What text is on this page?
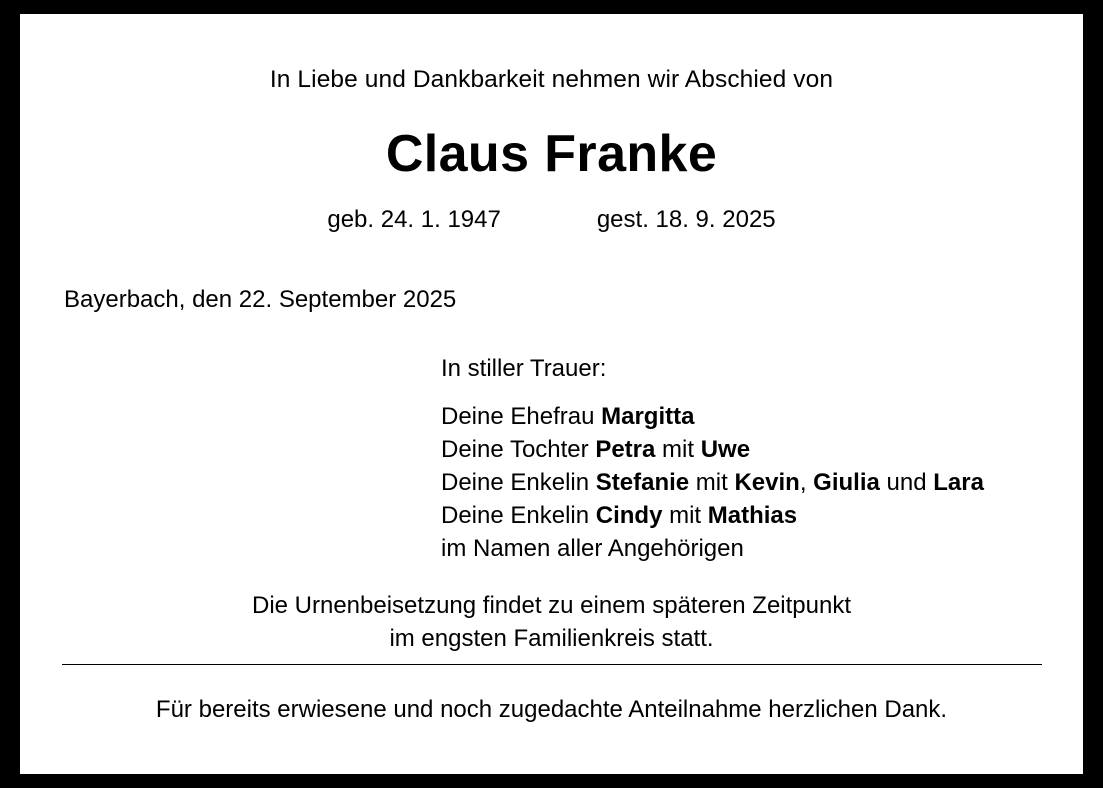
In Liebe und Dankbarkeit nehmen wir Abschied von
Claus Franke
geb. 24. 1. 1947	gest. 18. 9. 2025
Bayerbach, den 22. September 2025
In stiller Trauer:
Deine Ehefrau Margitta
Deine Tochter Petra mit Uwe
Deine Enkelin Stefanie mit Kevin, Giulia und Lara
Deine Enkelin Cindy mit Mathias
im Namen aller Angehörigen
Die Urnenbeisetzung findet zu einem späteren Zeitpunkt
im engsten Familienkreis statt.
Für bereits erwiesene und noch zugedachte Anteilnahme herzlichen Dank.
